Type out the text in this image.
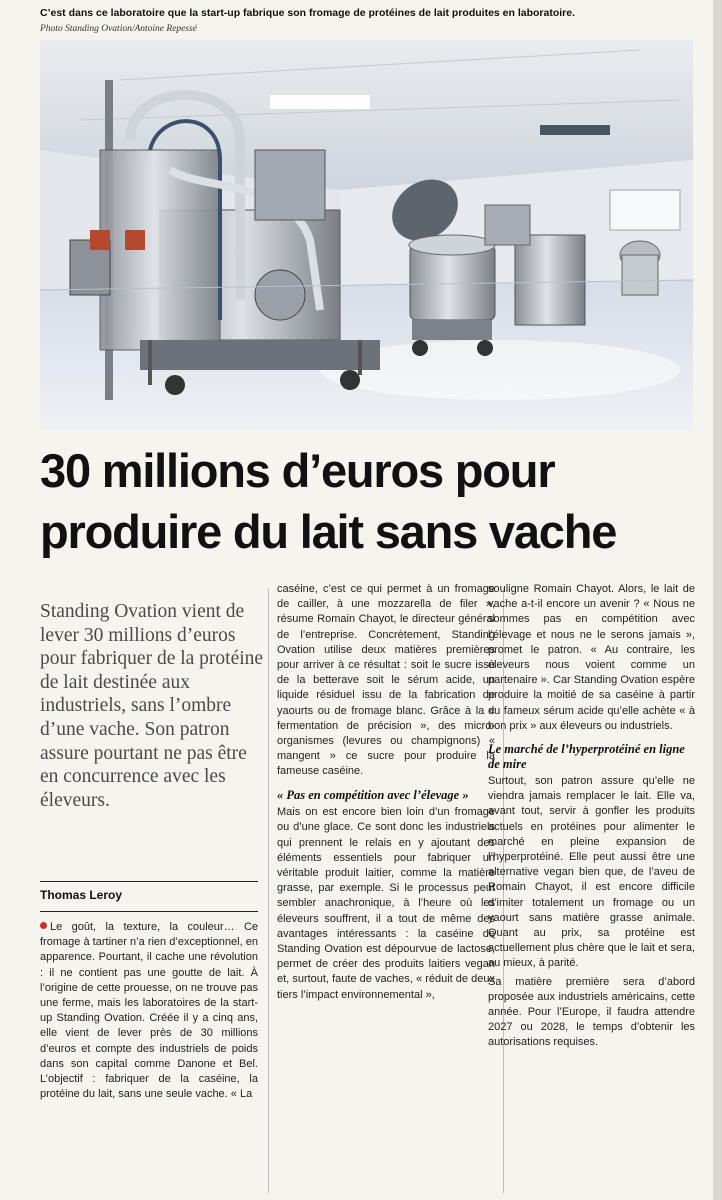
C’est dans ce laboratoire que la start-up fabrique son fromage de protéines de lait produites en laboratoire.
Photo Standing Ovation/Antoine Repessé
30 millions d’euros pour
produire du lait sans vache
Standing Ovation vient de lever 30 millions d’euros pour fabriquer de la protéine de lait destinée aux industriels, sans l’ombre d’une vache. Son patron assure pourtant ne pas être en concurrence avec les éleveurs.
Thomas Leroy

Le goût, la texture, la couleur… Ce fromage à tartiner n’a rien d’exceptionnel, en apparence. Pourtant, il cache une révolution : il ne contient pas une goutte de lait. À l’origine de cette prouesse, on ne trouve pas une ferme, mais les laboratoires de la start-up Standing Ovation. Créée il y a cinq ans, elle vient de lever près de 30 millions d’euros et compte des industriels de poids dans son capital comme Danone et Bel. L’objectif : fabriquer de la caséine, la protéine du lait, sans une seule vache. « La

caséine, c’est ce qui permet à un fromage de cailler, à une mozzarella de filer », résume Romain Chayot, le directeur général de l’entreprise. Concrètement, Standing Ovation utilise deux matières premières pour arriver à ce résultat : soit le sucre issu de la betterave soit le sérum acide, un liquide résiduel issu de la fabrication de yaourts ou de fromage blanc. Grâce à la « fermentation de précision », des micro-organismes (levures ou champignons) « mangent » ce sucre pour produire la fameuse caséine.

« Pas en compétition avec l’élevage »

Mais on est encore bien loin d’un fromage ou d’une glace. Ce sont donc les industriels qui prennent le relais en y ajoutant des éléments essentiels pour fabriquer un véritable produit laitier, comme la matière grasse, par exemple. Si le processus peut sembler anachronique, à l’heure où les éleveurs souffrent, il a tout de même des avantages intéressants : la caséine de Standing Ovation est dépourvue de lactose, permet de créer des produits laitiers vegan et, surtout, faute de vaches, « réduit de deux tiers l’impact environnemental »,

souligne Romain Chayot. Alors, le lait de vache a-t-il encore un avenir ? « Nous ne sommes pas en compétition avec l’élevage et nous ne le serons jamais », promet le patron. « Au contraire, les éleveurs nous voient comme un partenaire ». Car Standing Ovation espère produire la moitié de sa caséine à partir du fameux sérum acide qu’elle achète « à bon prix » aux éleveurs ou industriels.

Le marché de l’hyperprotéiné en ligne de mire

Surtout, son patron assure qu’elle ne viendra jamais remplacer le lait. Elle va, avant tout, servir à gonfler les produits actuels en protéines pour alimenter le marché en pleine expansion de l’hyperprotéiné. Elle peut aussi être une alternative vegan bien que, de l’aveu de Romain Chayot, il est encore difficile d’imiter totalement un fromage ou un yaourt sans matière grasse animale. Quant au prix, sa protéine est actuellement plus chère que le lait et sera, au mieux, à parité.

Sa matière première sera d’abord proposée aux industriels américains, cette année. Pour l’Europe, il faudra attendre 2027 ou 2028, le temps d’obtenir les autorisations requises.
